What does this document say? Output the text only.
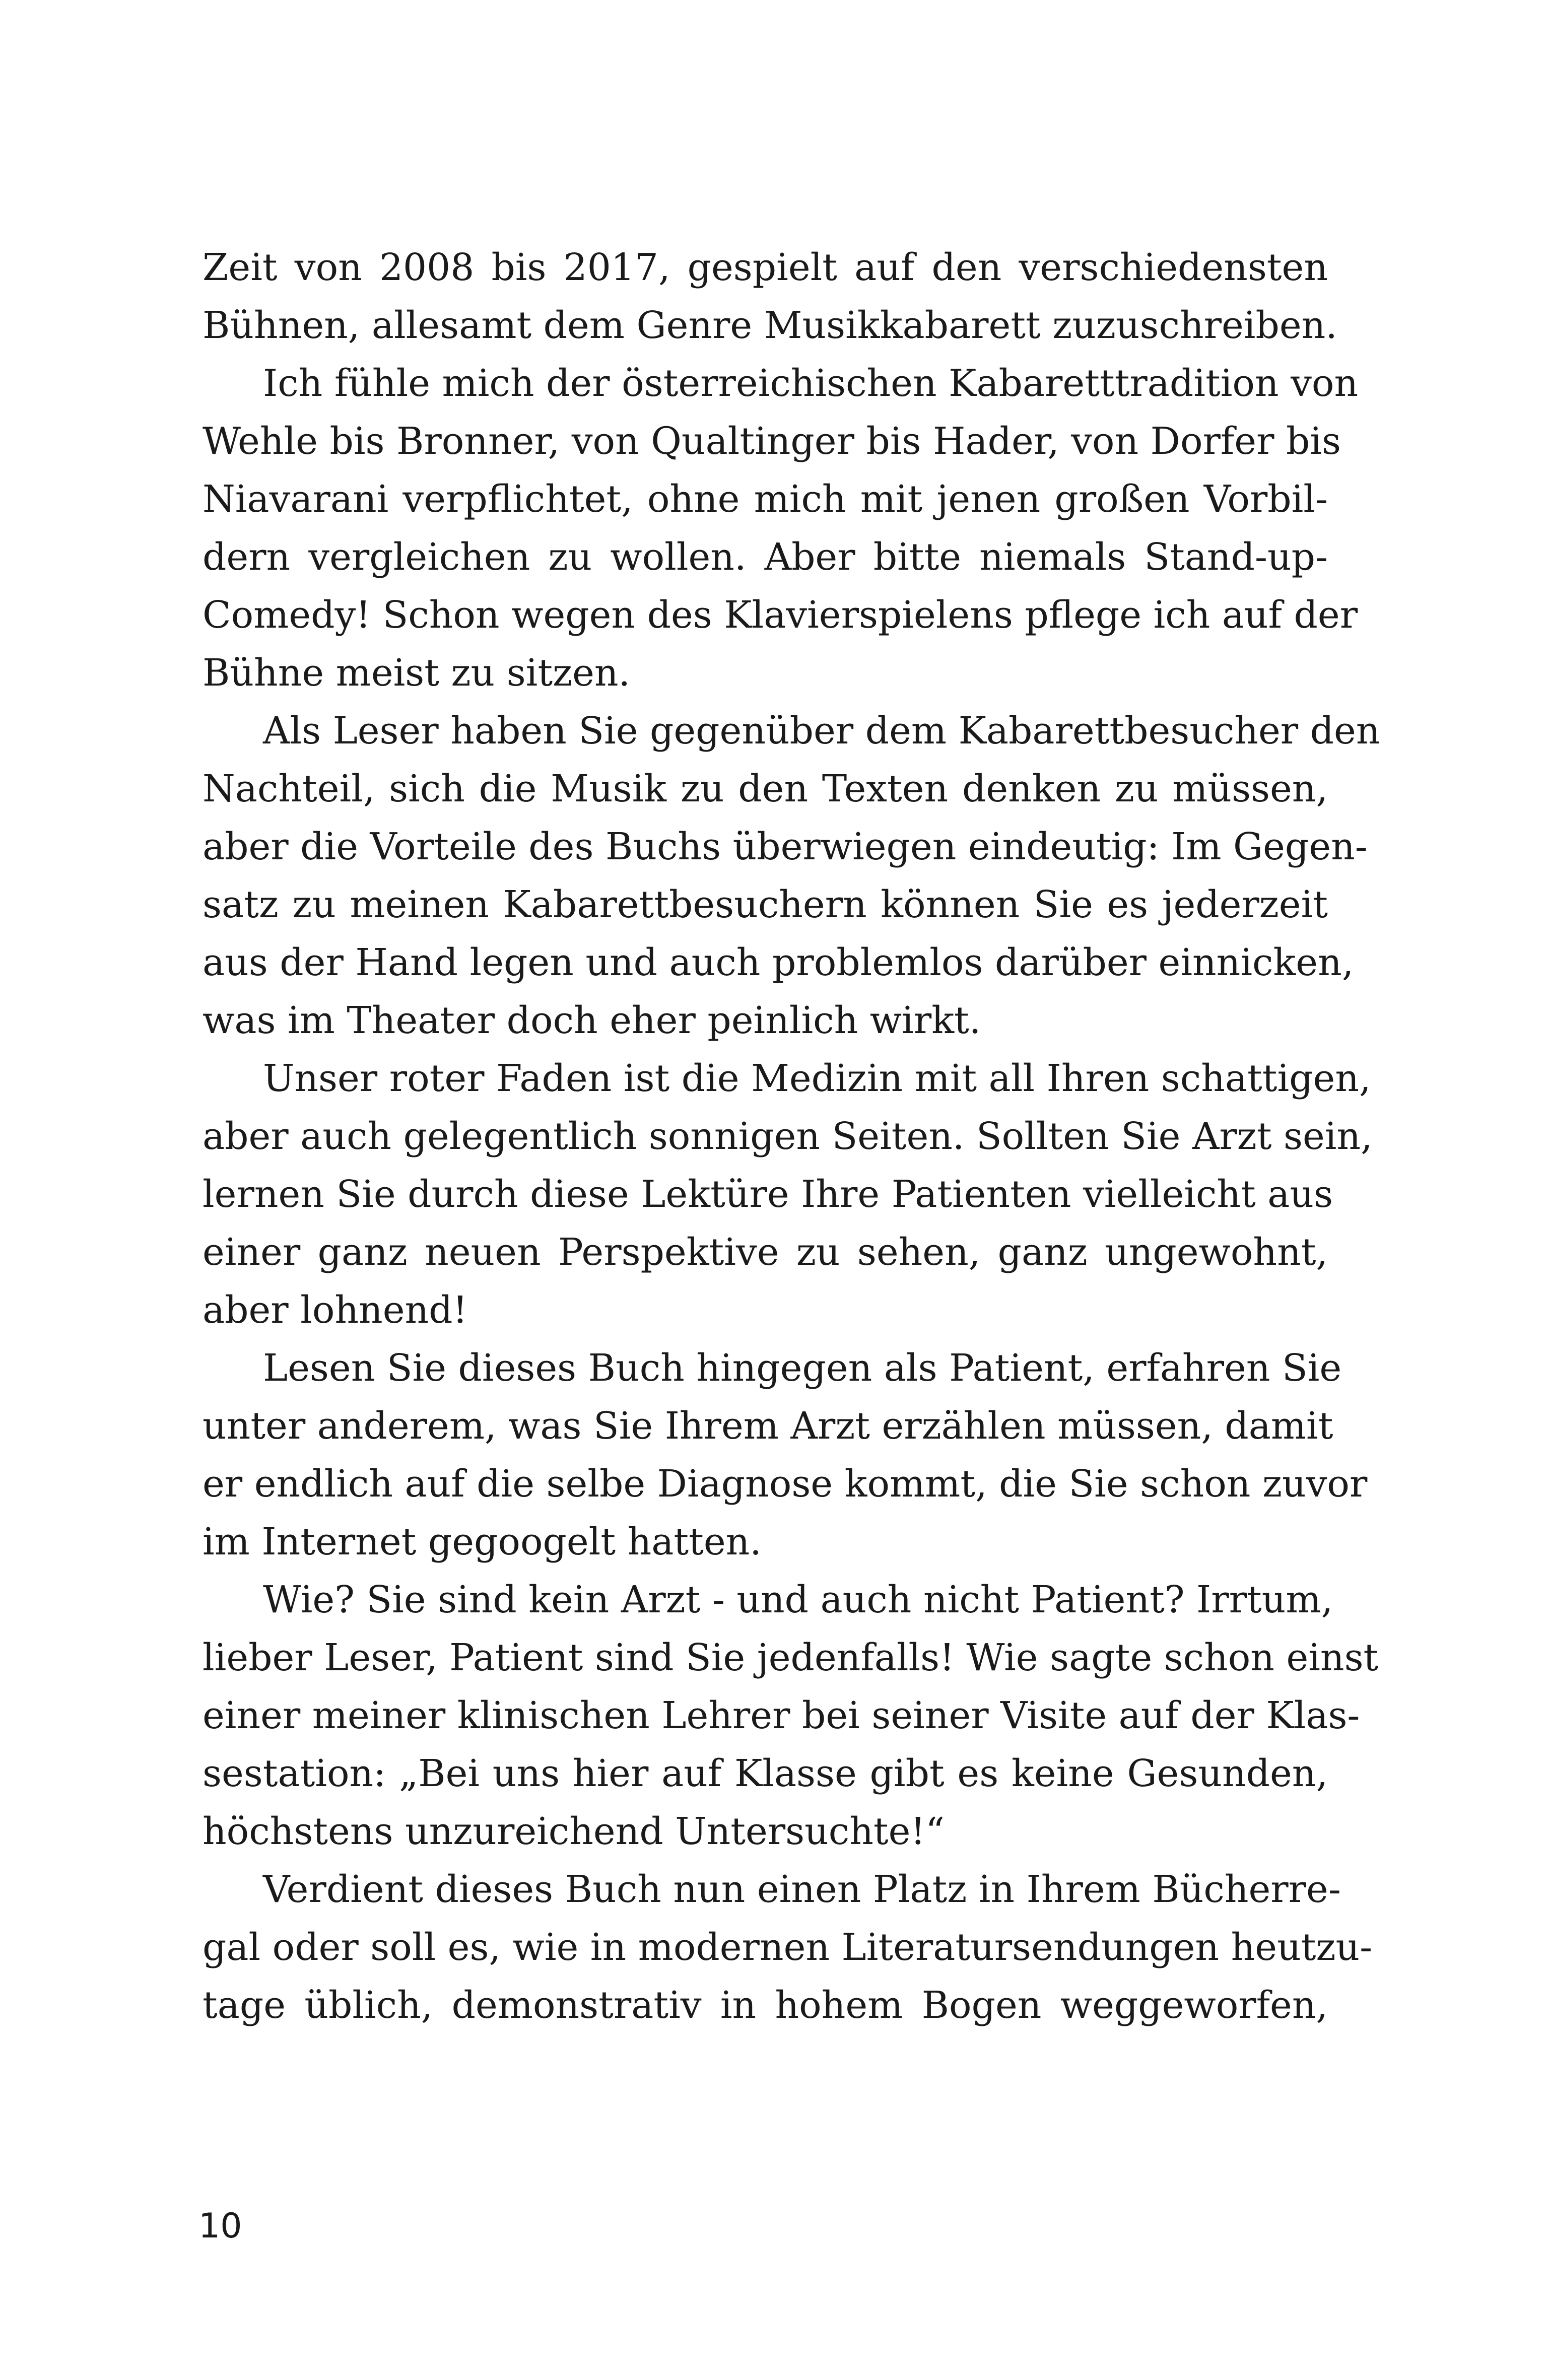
Zeit von 2008 bis 2017, gespielt auf den verschiedensten
Bühnen, allesamt dem Genre Musikkabarett zuzuschreiben.
Ich fühle mich der österreichischen Kabaretttradition von
Wehle bis Bronner, von Qualtinger bis Hader, von Dorfer bis
Niavarani verpflichtet, ohne mich mit jenen großen Vorbil-
dern vergleichen zu wollen. Aber bitte niemals Stand-up-
Comedy! Schon wegen des Klavierspielens pflege ich auf der
Bühne meist zu sitzen.
Als Leser haben Sie gegenüber dem Kabarettbesucher den
Nachteil, sich die Musik zu den Texten denken zu müssen,
aber die Vorteile des Buchs überwiegen eindeutig: Im Gegen-
satz zu meinen Kabarettbesuchern können Sie es jederzeit
aus der Hand legen und auch problemlos darüber einnicken,
was im Theater doch eher peinlich wirkt.
Unser roter Faden ist die Medizin mit all Ihren schattigen,
aber auch gelegentlich sonnigen Seiten. Sollten Sie Arzt sein,
lernen Sie durch diese Lektüre Ihre Patienten vielleicht aus
einer ganz neuen Perspektive zu sehen, ganz ungewohnt,
aber lohnend!
Lesen Sie dieses Buch hingegen als Patient, erfahren Sie
unter anderem, was Sie Ihrem Arzt erzählen müssen, damit
er endlich auf die selbe Diagnose kommt, die Sie schon zuvor
im Internet gegoogelt hatten.
Wie? Sie sind kein Arzt - und auch nicht Patient? Irrtum,
lieber Leser, Patient sind Sie jedenfalls! Wie sagte schon einst
einer meiner klinischen Lehrer bei seiner Visite auf der Klas-
sestation: „Bei uns hier auf Klasse gibt es keine Gesunden,
höchstens unzureichend Untersuchte!“
Verdient dieses Buch nun einen Platz in Ihrem Bücherre-
gal oder soll es, wie in modernen Literatursendungen heutzu-
tage üblich, demonstrativ in hohem Bogen weggeworfen,
10
